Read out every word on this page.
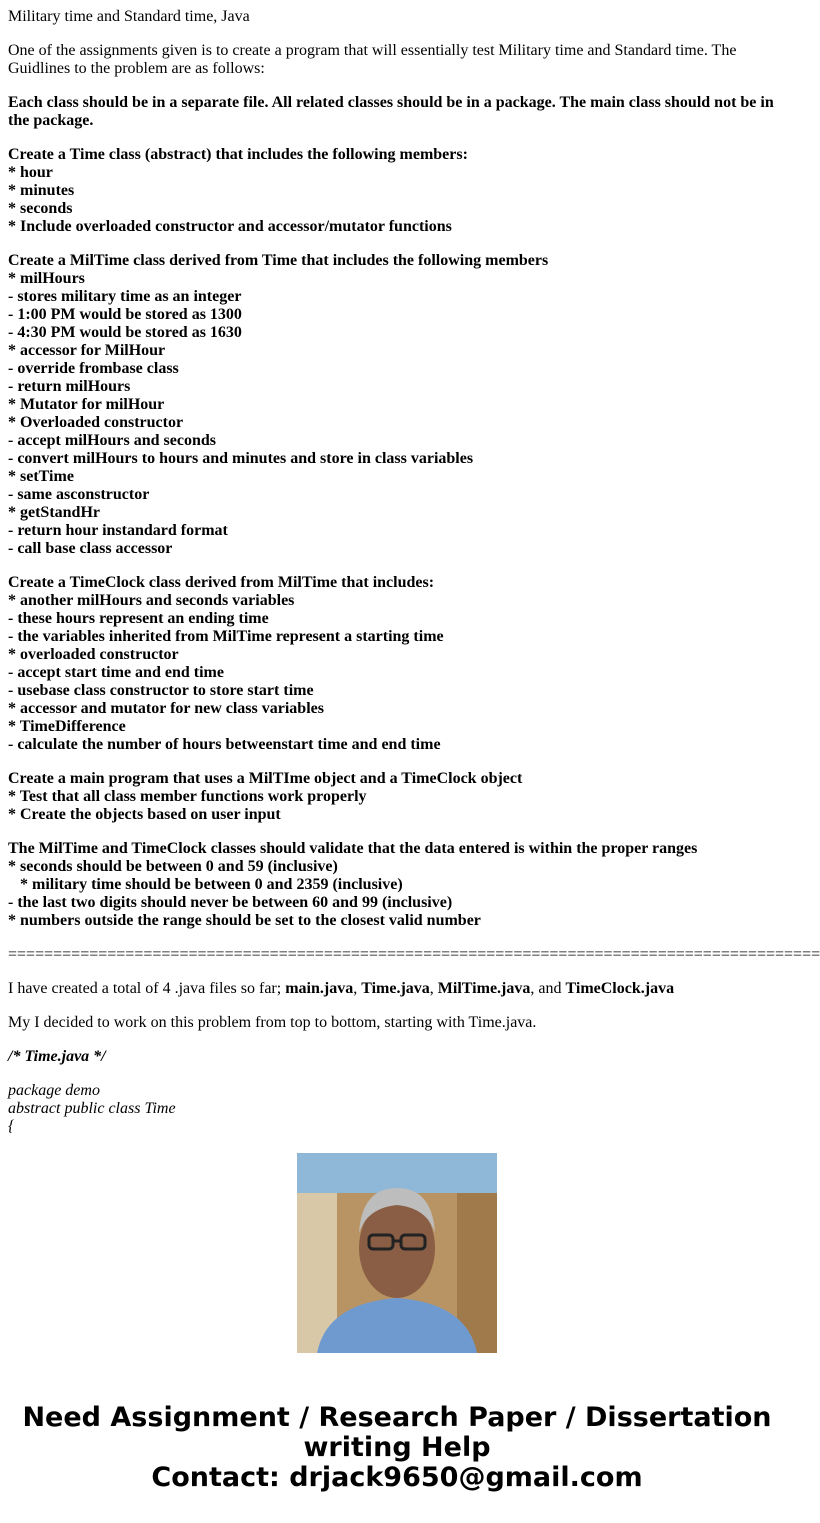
Military time and Standard time, Java

One of the assignments given is to create a program that will essentially test Military time and Standard time. The Guidlines to the problem are as follows:

Each class should be in a separate file. All related classes should be in a package. The main class should not be in the package.

Create a Time class (abstract) that includes the following members:
* hour
* minutes
* seconds
* Include overloaded constructor and accessor/mutator functions

Create a MilTime class derived from Time that includes the following members
* milHours
- stores military time as an integer
- 1:00 PM would be stored as 1300
- 4:30 PM would be stored as 1630
* accessor for MilHour
- override frombase class
- return milHours
* Mutator for milHour
* Overloaded constructor
- accept milHours and seconds
- convert milHours to hours and minutes and store in class variables
* setTime
- same asconstructor
* getStandHr
- return hour instandard format
- call base class accessor

Create a TimeClock class derived from MilTime that includes:
* another milHours and seconds variables
- these hours represent an ending time
- the variables inherited from MilTime represent a starting time
* overloaded constructor
- accept start time and end time
- usebase class constructor to store start time
* accessor and mutator for new class variables
* TimeDifference
- calculate the number of hours betweenstart time and end time

Create a main program that uses a MilTIme object and a TimeClock object
* Test that all class member functions work properly
* Create the objects based on user input

The MilTime and TimeClock classes should validate that the data entered is within the proper ranges
* seconds should be between 0 and 59 (inclusive)
* military time should be between 0 and 2359 (inclusive)
- the last two digits should never be between 60 and 99 (inclusive)
* numbers outside the range should be set to the closest valid number

==========================================================================================

I have created a total of 4 .java files so far; main.java, Time.java, MilTime.java, and TimeClock.java

My I decided to work on this problem from top to bottom, starting with Time.java.

/* Time.java */

package demo
abstract public class Time
{

Need Assignment / Research Paper / Dissertation
writing Help
Contact: drjack9650@gmail.com
